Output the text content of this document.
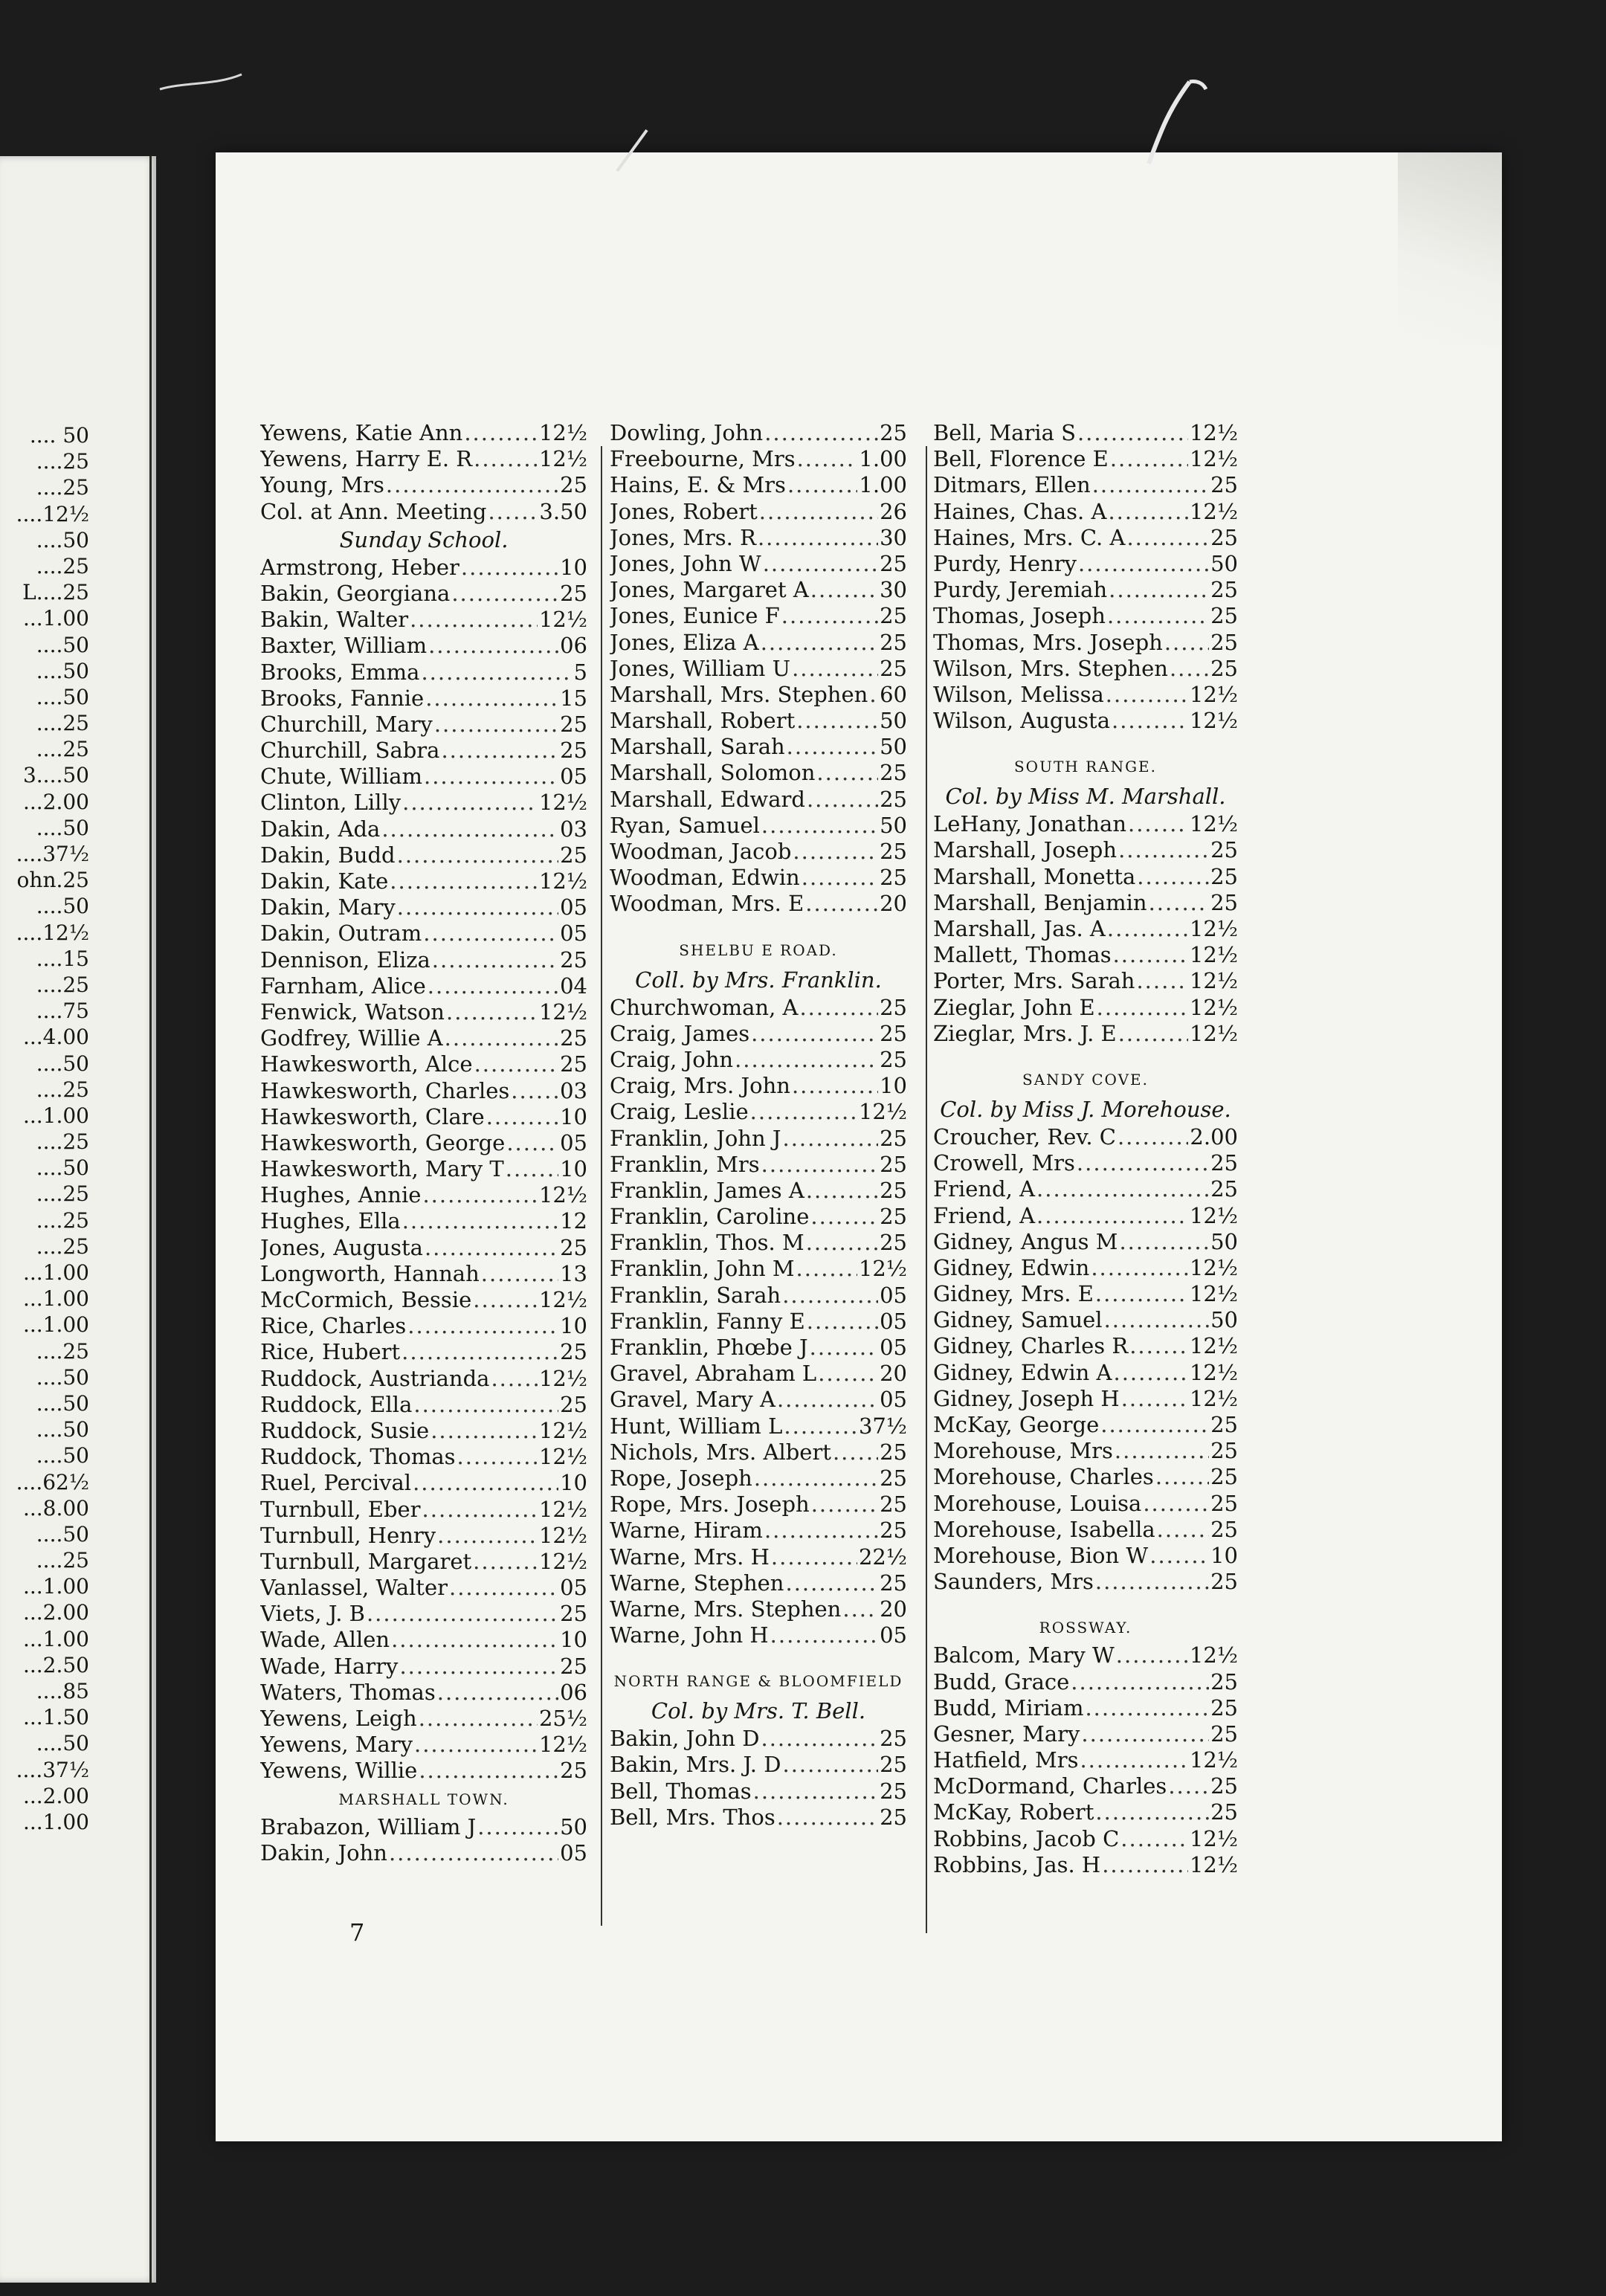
.... 50
....25
....25
....12½
....50
....25
L....25
...1.00
....50
....50
....50
....25
....25
3....50
...2.00
....50
....37½
ohn.25
....50
....12½
....15
....25
....75
...4.00
....50
....25
...1.00
....25
....50
....25
....25
....25
...1.00
...1.00
...1.00
....25
....50
....50
....50
....50
....62½
...8.00
....50
....25
...1.00
...2.00
...1.00
...2.50
....85
...1.50
....50
....37½
...2.00
...1.00
Yewens, Katie Ann .....	12½
Yewens, Harry E. R .....	12½
Young, Mrs .....	25
Col. at Ann. Meeting ..... 3.50
Sunday School.
Armstrong, Heber .....	10
Bakin, Georgiana .....	25
Bakin, Walter .....	12½
Baxter, William .....	06
Brooks, Emma .....	5
Brooks, Fannie .....	15
Churchill, Mary .....	25
Churchill, Sabra .....	25
Chute, William .....	05
Clinton, Lilly .....	12½
Dakin, Ada .....	03
Dakin, Budd .....	25
Dakin, Kate .....	12½
Dakin, Mary .....	05
Dakin, Outram .....	05
Dennison, Eliza .....	25
Farnham, Alice .....	04
Fenwick, Watson .....	12½
Godfrey, Willie A .....	25
Hawkesworth, Alce .....	25
Hawkesworth, Charles ..... 03
Hawkesworth, Clare .....	10
Hawkesworth, George .....	05
Hawkesworth, Mary T .....	10
Hughes, Annie .....	12½
Hughes, Ella .....	12
Jones, Augusta .....	25
Longworth, Hannah .....	13
McCormich, Bessie .....	12½
Rice, Charles .....	10
Rice, Hubert .....	25
Ruddock, Austrianda ..... 12½
Ruddock, Ella .....	25
Ruddock, Susie .....	12½
Ruddock, Thomas .....	12½
Ruel, Percival .....	10
Turnbull, Eber .....	12½
Turnbull, Henry .....	12½
Turnbull, Margaret .....	12½
Vanlassel, Walter .....	05
Viets, J. B .....	25
Wade, Allen .....	10
Wade, Harry .....	25
Waters, Thomas .....	06
Yewens, Leigh .....	25½
Yewens, Mary .....	12½
Yewens, Willie .....	25
MARSHALL TOWN.
Brabazon, William J .....	50
Dakin, John .....	05
Dowling, John .....	25
Freebourne, Mrs .....	1.00
Hains, E. & Mrs .....	1.00
Jones, Robert .....	26
Jones, Mrs. R .....	30
Jones, John W .....	25
Jones, Margaret A .....	30
Jones, Eunice F .....	25
Jones, Eliza A .....	25
Jones, William U .....	25
Marshall, Mrs. Stephen ..... 60
Marshall, Robert .....	50
Marshall, Sarah .....	50
Marshall, Solomon .....	25
Marshall, Edward .....	25
Ryan, Samuel .....	50
Woodman, Jacob .....	25
Woodman, Edwin .....	25
Woodman, Mrs. E .....	20
SHELBU E ROAD.
Coll. by Mrs. Franklin.
Churchwoman, A .....	25
Craig, James .....	25
Craig, John .....	25
Craig, Mrs. John .....	10
Craig, Leslie .....	12½
Franklin, John J .....	25
Franklin, Mrs .....	25
Franklin, James A .....	25
Franklin, Caroline .....	25
Franklin, Thos. M .....	25
Franklin, John M .....	12½
Franklin, Sarah .....	05
Franklin, Fanny E .....	05
Franklin, Phœbe J .....	05
Gravel, Abraham L .....	20
Gravel, Mary A .....	05
Hunt, William L .....	37½
Nichols, Mrs. Albert ..... 25
Rope, Joseph .....	25
Rope, Mrs. Joseph .....	25
Warne, Hiram .....	25
Warne, Mrs. H .....	22½
Warne, Stephen .....	25
Warne, Mrs. Stephen ..... 20
Warne, John H .....	05
NORTH RANGE & BLOOMFIELD
Col. by Mrs. T. Bell.
Bakin, John D .....	25
Bakin, Mrs. J. D .....	25
Bell, Thomas .....	25
Bell, Mrs. Thos .....	25
Bell, Maria S .....	12½
Bell, Florence E .....	12½
Ditmars, Ellen .....	25
Haines, Chas. A .....	12½
Haines, Mrs. C. A .....	25
Purdy, Henry .....	50
Purdy, Jeremiah .....	25
Thomas, Joseph .....	25
Thomas, Mrs. Joseph ..... 25
Wilson, Mrs. Stephen ..... 25
Wilson, Melissa .....	12½
Wilson, Augusta .....	12½
SOUTH RANGE.
Col. by Miss M. Marshall.
LeHany, Jonathan .....	12½
Marshall, Joseph .....	25
Marshall, Monetta .....	25
Marshall, Benjamin .....	25
Marshall, Jas. A .....	12½
Mallett, Thomas .....	12½
Porter, Mrs. Sarah .....	12½
Zieglar, John E .....	12½
Zieglar, Mrs. J. E .....	12½
SANDY COVE.
Col. by Miss J. Morehouse.
Croucher, Rev. C .....	2.00
Crowell, Mrs .....	25
Friend, A .....	25
Friend, A .....	12½
Gidney, Angus M .....	50
Gidney, Edwin .....	12½
Gidney, Mrs. E .....	12½
Gidney, Samuel .....	50
Gidney, Charles R .....	12½
Gidney, Edwin A .....	12½
Gidney, Joseph H .....	12½
McKay, George .....	25
Morehouse, Mrs .....	25
Morehouse, Charles .....	25
Morehouse, Louisa .....	25
Morehouse, Isabella .....	25
Morehouse, Bion W .....	10
Saunders, Mrs .....	25
ROSSWAY.
Balcom, Mary W .....	12½
Budd, Grace .....	25
Budd, Miriam .....	25
Gesner, Mary .....	25
Hatfield, Mrs .....	12½
McDormand, Charles ..... 25
McKay, Robert .....	25
Robbins, Jacob C .....	12½
Robbins, Jas. H .....	12½
7
